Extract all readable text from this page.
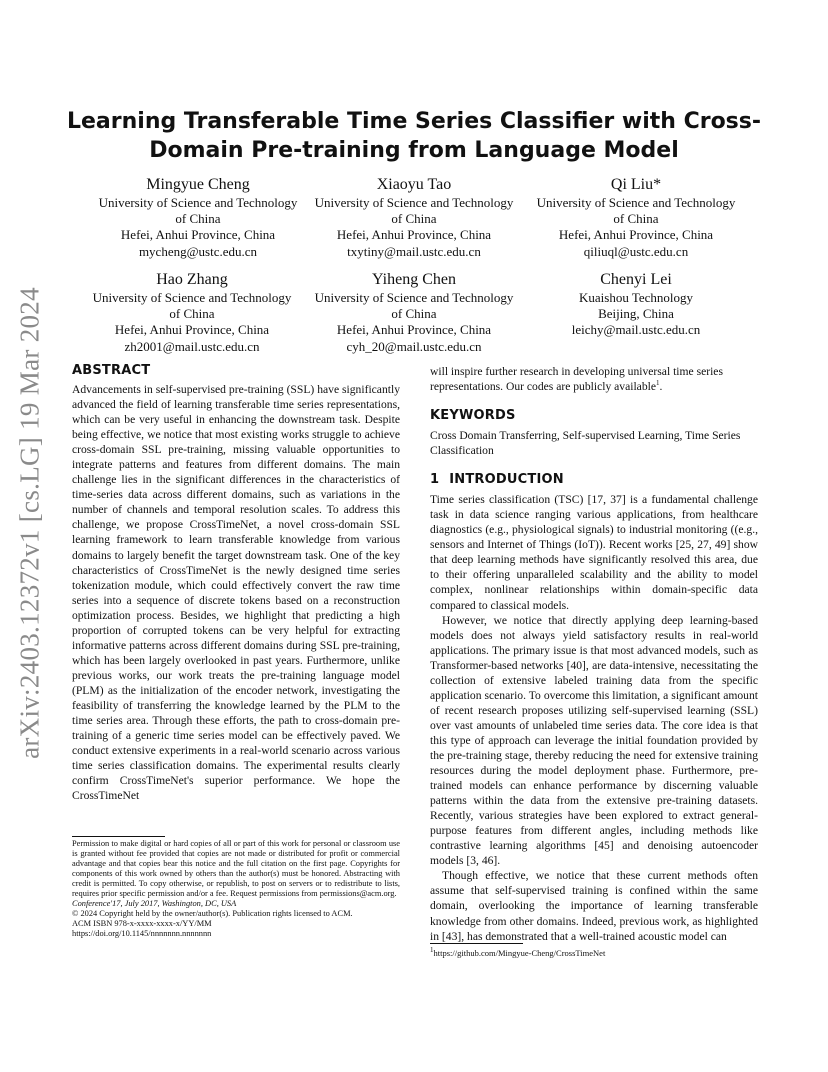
arXiv:2403.12372v1 [cs.LG] 19 Mar 2024
Learning Transferable Time Series Classifier with Cross-Domain Pre-training from Language Model
Mingyue Cheng
University of Science and Technology
of China
Hefei, Anhui Province, China
mycheng@ustc.edu.cn
Xiaoyu Tao
University of Science and Technology
of China
Hefei, Anhui Province, China
txytiny@mail.ustc.edu.cn
Qi Liu*
University of Science and Technology
of China
Hefei, Anhui Province, China
qiliuql@ustc.edu.cn
Hao Zhang
University of Science and Technology
of China
Hefei, Anhui Province, China
zh2001@mail.ustc.edu.cn
Yiheng Chen
University of Science and Technology
of China
Hefei, Anhui Province, China
cyh_20@mail.ustc.edu.cn
Chenyi Lei
Kuaishou Technology
Beijing, China
leichy@mail.ustc.edu.cn
ABSTRACT

Advancements in self-supervised pre-training (SSL) have significantly advanced the field of learning transferable time series representations, which can be very useful in enhancing the downstream task. Despite being effective, we notice that most existing works struggle to achieve cross-domain SSL pre-training, missing valuable opportunities to integrate patterns and features from different domains. The main challenge lies in the significant differences in the characteristics of time-series data across different domains, such as variations in the number of channels and temporal resolution scales. To address this challenge, we propose CrossTimeNet, a novel cross-domain SSL learning framework to learn transferable knowledge from various domains to largely benefit the target downstream task. One of the key characteristics of CrossTimeNet is the newly designed time series tokenization module, which could effectively convert the raw time series into a sequence of discrete tokens based on a reconstruction optimization process. Besides, we highlight that predicting a high proportion of corrupted tokens can be very helpful for extracting informative patterns across different domains during SSL pre-training, which has been largely overlooked in past years. Furthermore, unlike previous works, our work treats the pre-training language model (PLM) as the initialization of the encoder network, investigating the feasibility of transferring the knowledge learned by the PLM to the time series area. Through these efforts, the path to cross-domain pre-training of a generic time series model can be effectively paved. We conduct extensive experiments in a real-world scenario across various time series classification domains. The experimental results clearly confirm CrossTimeNet's superior performance. We hope the CrossTimeNet

Permission to make digital or hard copies of all or part of this work for personal or classroom use is granted without fee provided that copies are not made or distributed for profit or commercial advantage and that copies bear this notice and the full citation on the first page. Copyrights for components of this work owned by others than the author(s) must be honored. Abstracting with credit is permitted. To copy otherwise, or republish, to post on servers or to redistribute to lists, requires prior specific permission and/or a fee. Request permissions from permissions@acm.org.

Conference'17, July 2017, Washington, DC, USA

© 2024 Copyright held by the owner/author(s). Publication rights licensed to ACM.

ACM ISBN 978-x-xxxx-xxxx-x/YY/MM

https://doi.org/10.1145/nnnnnnn.nnnnnnn

will inspire further research in developing universal time series representations. Our codes are publicly available$^1$.

KEYWORDS

Cross Domain Transferring, Self-supervised Learning, Time Series Classification

1 INTRODUCTION

Time series classification (TSC) [17, 37] is a fundamental challenge task in data science ranging various applications, from healthcare diagnostics (e.g., physiological signals) to industrial monitoring ((e.g., sensors and Internet of Things (IoT)). Recent works [25, 27, 49] show that deep learning methods have significantly resolved this area, due to their offering unparalleled scalability and the ability to model complex, nonlinear relationships within domain-specific data compared to classical models.

However, we notice that directly applying deep learning-based models does not always yield satisfactory results in real-world applications. The primary issue is that most advanced models, such as Transformer-based networks [40], are data-intensive, necessitating the collection of extensive labeled training data from the specific application scenario. To overcome this limitation, a significant amount of recent research proposes utilizing self-supervised learning (SSL) over vast amounts of unlabeled time series data. The core idea is that this type of approach can leverage the initial foundation provided by the pre-training stage, thereby reducing the need for extensive training resources during the model deployment phase. Furthermore, pre-trained models can enhance performance by discerning valuable patterns within the data from the extensive pre-training datasets. Recently, various strategies have been explored to extract general-purpose features from different angles, including methods like contrastive learning algorithms [45] and denoising autoencoder models [3, 46].

Though effective, we notice that these current methods often assume that self-supervised training is confined within the same domain, overlooking the importance of learning transferable knowledge from other domains. Indeed, previous work, as highlighted in [43], has demonstrated that a well-trained acoustic model can

$^1$https://github.com/Mingyue-Cheng/CrossTimeNet
